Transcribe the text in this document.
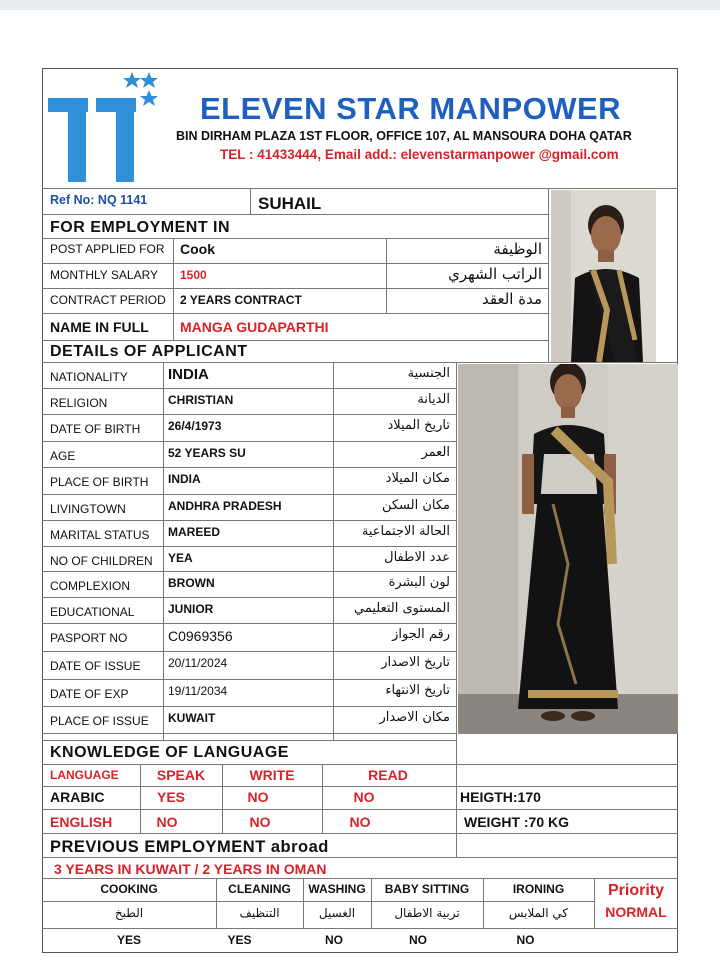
ELEVEN STAR MANPOWER
BIN DIRHAM PLAZA 1ST FLOOR, OFFICE 107, AL MANSOURA DOHA QATAR
TEL : 41433444, Email add.: elevenstarmanpower @gmail.com
Ref No: NQ 1141	SUHAIL
FOR EMPLOYMENT IN
POST APPLIED FOR Cook	الوظيفة
MONTHLY SALARY 1500	الراتب الشهري
CONTRACT PERIOD 2 YEARS CONTRACT	مدة العقد
NAME IN FULL MANGA GUDAPARTHI
DETAILs OF APPLICANT
NATIONALITY	INDIA	الجنسية
RELIGION	CHRISTIAN	الديانة
DATE OF BIRTH 26/4/1973	تاريخ الميلاد
AGE	52 YEARS SU	العمر
PLACE OF BIRTH INDIA	مكان الميلاد
LIVINGTOWN	ANDHRA PRADESH	مكان السكن
MARITAL STATUS MAREED	الحالة الاجتماعية
NO OF CHILDREN YEA	عدد الاطفال
COMPLEXION	BROWN	لون البشرة
EDUCATIONAL	JUNIOR	المستوى التعليمي
PASPORT NO	C0969356	رقم الجواز
DATE OF ISSUE 20/11/2024	تاريخ الاصدار
DATE OF EXP	19/11/2034	تاريخ الانتهاء
PLACE OF ISSUE KUWAIT	مكان الاصدار
KNOWLEDGE OF LANGUAGE
LANGUAGE	SPEAK	WRITE	READ
ARABIC	YES	NO	NO	HEIGTH:170
ENGLISH	NO	NO	NO	WEIGHT :70 KG
PREVIOUS EMPLOYMENT abroad
3 YEARS IN KUWAIT / 2 YEARS IN OMAN
COOKING	CLEANING	WASHING	BABY SITTING	IRONING
الطبخ	التنظيف	الغسيل	تربية الاطفال	كي الملابس
Priority
NORMAL
YES	YES	NO	NO	NO
